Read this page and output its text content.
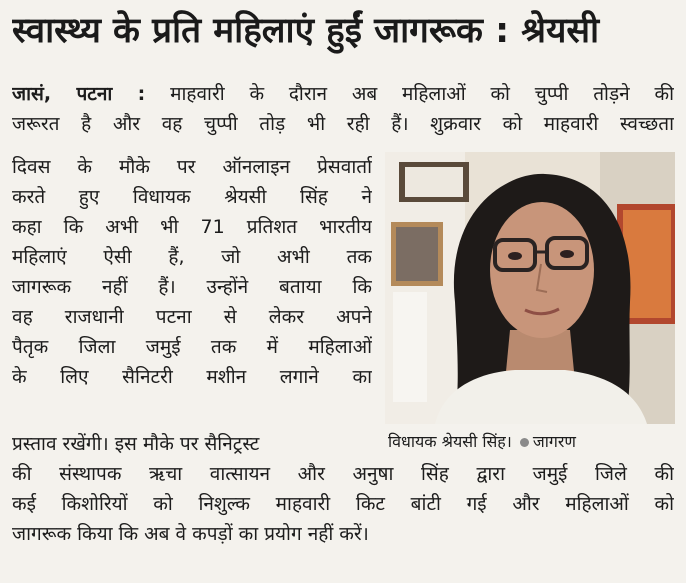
स्वास्थ्य के प्रति महिलाएं हुईं जागरूक : श्रेयसी
जासं, पटना : माहवारी के दौरान अब महिलाओं को चुप्पी तोड़ने की
जरूरत है और वह चुप्पी तोड़ भी रही हैं। शुक्रवार को माहवारी स्वच्छता
दिवस के मौके पर ऑनलाइन प्रेसवार्ता
करते हुए विधायक श्रेयसी सिंह ने
कहा कि अभी भी 71 प्रतिशत भारतीय
महिलाएं ऐसी हैं, जो अभी तक
जागरूक नहीं हैं। उन्होंने बताया कि
वह राजधानी पटना से लेकर अपने
पैतृक जिला जमुई तक में महिलाओं
के लिए सैनिटरी मशीन लगाने का
प्रस्ताव रखेंगी। इस मौके पर सैनिट्रस्ट	विधायक श्रेयसी सिंह। जागरण
की संस्थापक ऋचा वात्सायन और अनुषा सिंह द्वारा जमुई जिले की
कई किशोरियों को निशुल्क माहवारी किट बांटी गई और महिलाओं को
जागरूक किया कि अब वे कपड़ों का प्रयोग नहीं करें।
